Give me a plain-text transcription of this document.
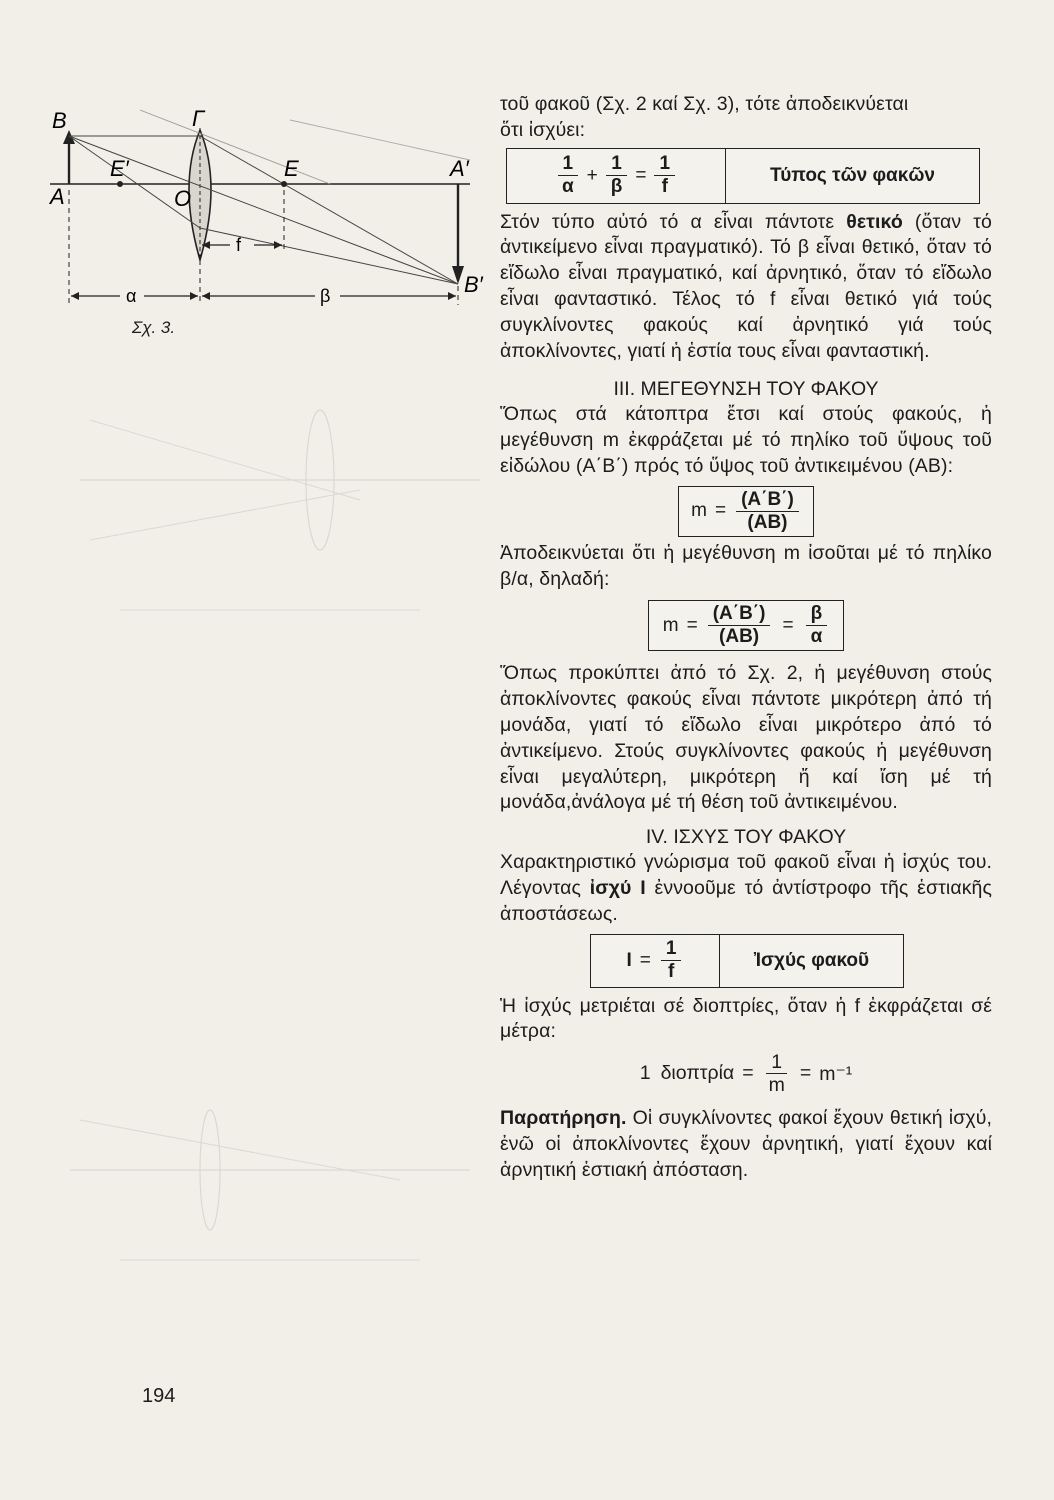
B
A
Γ
E′
O
E	A′
B′
f
α	β
Σχ. 3.

τοῦ φακοῦ (Σχ. 2 καί Σχ. 3), τότε ἀποδεικνύεται

ὅτι ἰσχύει:

$\frac{1}{\alpha} + \frac{1}{\beta} = \frac{1}{f}$	Τύπος τῶν φακῶν

Στόν τύπο αὐτό τό α εἶναι πάντοτε θετικό (ὅταν τό ἀντικείμενο εἶναι πραγματικό). Τό β εἶναι θετικό, ὅταν τό εἴδωλο εἶναι πραγματικό, καί ἀρνητικό, ὅταν τό εἴδωλο εἶναι φανταστικό. Τέλος τό f εἶναι θετικό γιά τούς συγκλίνοντες φακούς καί ἀρνητικό γιά τούς ἀποκλίνοντες, γιατί ἡ ἑστία τους εἶναι φανταστική.

III. ΜΕΓΕΘΥΝΣΗ ΤΟΥ ΦΑΚΟΥ

Ὅπως στά κάτοπτρα ἔτσι καί στούς φακούς, ἡ μεγέθυνση m ἐκφράζεται μέ τό πηλίκο τοῦ ὕψους τοῦ εἰδώλου (Α΄Β΄) πρός τό ὕψος τοῦ ἀντικειμένου (ΑΒ):

$m = \frac{(A΄B΄)}{(AB)}$

Ἀποδεικνύεται ὅτι ἡ μεγέθυνση m ἰσοῦται μέ τό πηλίκο β/α, δηλαδή:

$m = \frac{(A΄B΄)}{(AB)} = \frac{\beta}{\alpha}$

Ὅπως προκύπτει ἀπό τό Σχ. 2, ἡ μεγέθυνση στούς ἀποκλίνοντες φακούς εἶναι πάντοτε μικρότερη ἀπό τή μονάδα, γιατί τό εἴδωλο εἶναι μικρότερο ἀπό τό ἀντικείμενο. Στούς συγκλίνοντες φακούς ἡ μεγέθυνση εἶναι μεγαλύτερη, μικρότερη ἤ καί ἴση μέ τή μονάδα,ἀνάλογα μέ τή θέση τοῦ ἀντικειμένου.

IV. ΙΣΧΥΣ ΤΟΥ ΦΑΚΟΥ

Χαρακτηριστικό γνώρισμα τοῦ φακοῦ εἶναι ἡ ἰσχύς του. Λέγοντας ἰσχύ I ἐννοοῦμε τό ἀντίστροφο τῆς ἑστιακῆς ἀποστάσεως.

$I = \frac{1}{f}$	Ἰσχύς φακοῦ

Ἡ ἰσχύς μετριέται σέ διοπτρίες, ὅταν ἡ f ἐκφράζεται σέ μέτρα:

1 $\delta\iota o\pi\tau\rho ί\alpha = \frac{1}{m} = m^{-1}$

Παρατήρηση. Οἱ συγκλίνοντες φακοί ἔχουν θετική ἰσχύ, ἐνῶ οἱ ἀποκλίνοντες ἔχουν ἀρνητική, γιατί ἔχουν καί ἀρνητική ἑστιακή ἀπόσταση.

194
